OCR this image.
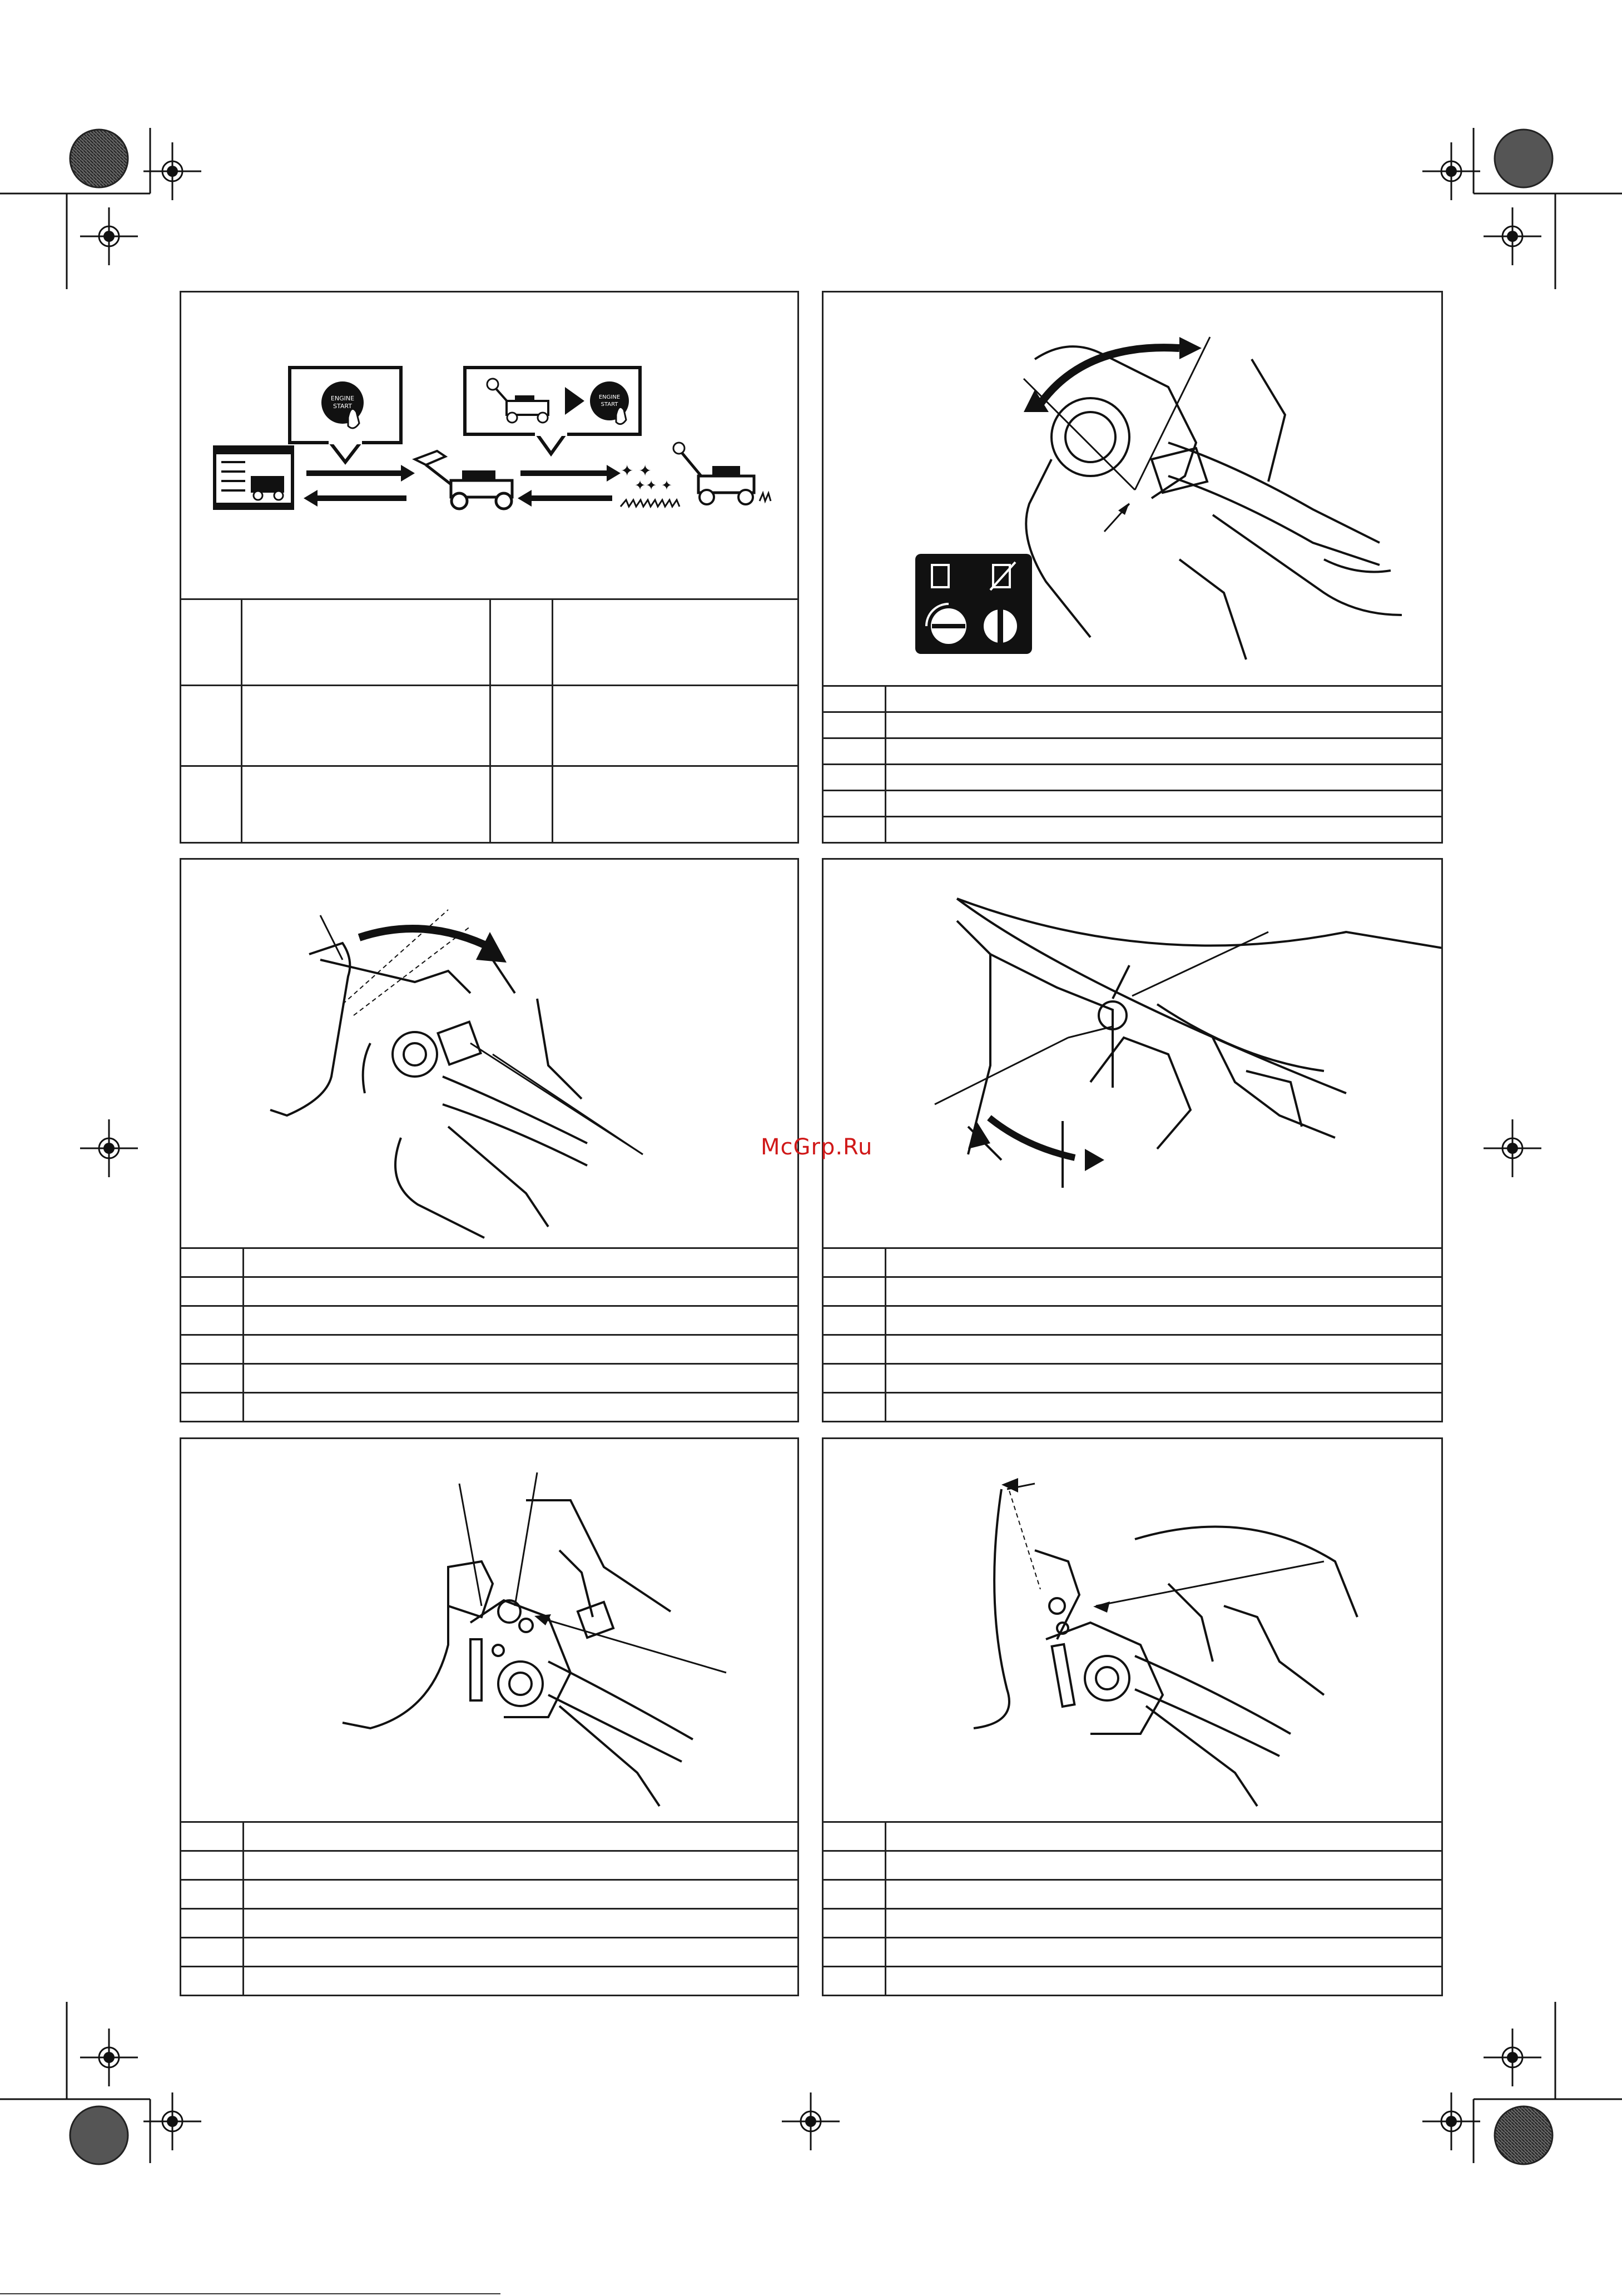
ENGINE
START
ENGINE
START
✦ ✦
✦✦ ✦
McGrp.Ru
